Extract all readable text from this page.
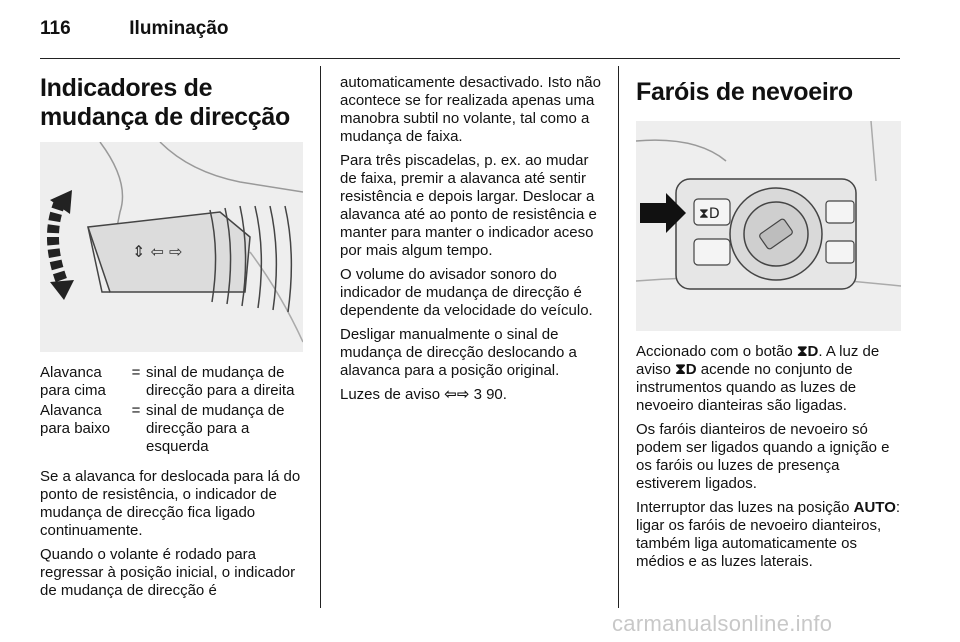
116	Iluminação
Indicadores de mudança de direcção
⇕ ⇦ ⇨
Alavanca para cima	=	sinal de mudança de direcção para a direita
Alavanca para baixo	=	sinal de mudança de direcção para a esquerda

Se a alavanca for deslocada para lá do ponto de resistência, o indicador de mudança de direcção fica ligado continuamente.

Quando o volante é rodado para regressar à posição inicial, o indicador de mudança de direcção é

automaticamente desactivado. Isto não acontece se for realizada apenas uma manobra subtil no volante, tal como a mudança de faixa.

Para três piscadelas, p. ex. ao mudar de faixa, premir a alavanca até sentir resistência e depois largar. Deslocar a alavanca até ao ponto de resistência e manter para manter o indicador aceso por mais algum tempo.

O volume do avisador sonoro do indicador de mudança de direcção é dependente da velocidade do veículo.

Desligar manualmente o sinal de mudança de direcção deslocando a alavanca para a posição original.

Luzes de aviso ⇦⇨ 3 90.

Faróis de nevoeiro
⧗D

Accionado com o botão ⧗D. A luz de aviso ⧗D acende no conjunto de instrumentos quando as luzes de nevoeiro dianteiras são ligadas.

Os faróis dianteiros de nevoeiro só podem ser ligados quando a ignição e os faróis ou luzes de presença estiverem ligados.

Interruptor das luzes na posição AUTO: ligar os faróis de nevoeiro dianteiros, também liga automaticamente os médios e as luzes laterais.

carmanualsonline.info
